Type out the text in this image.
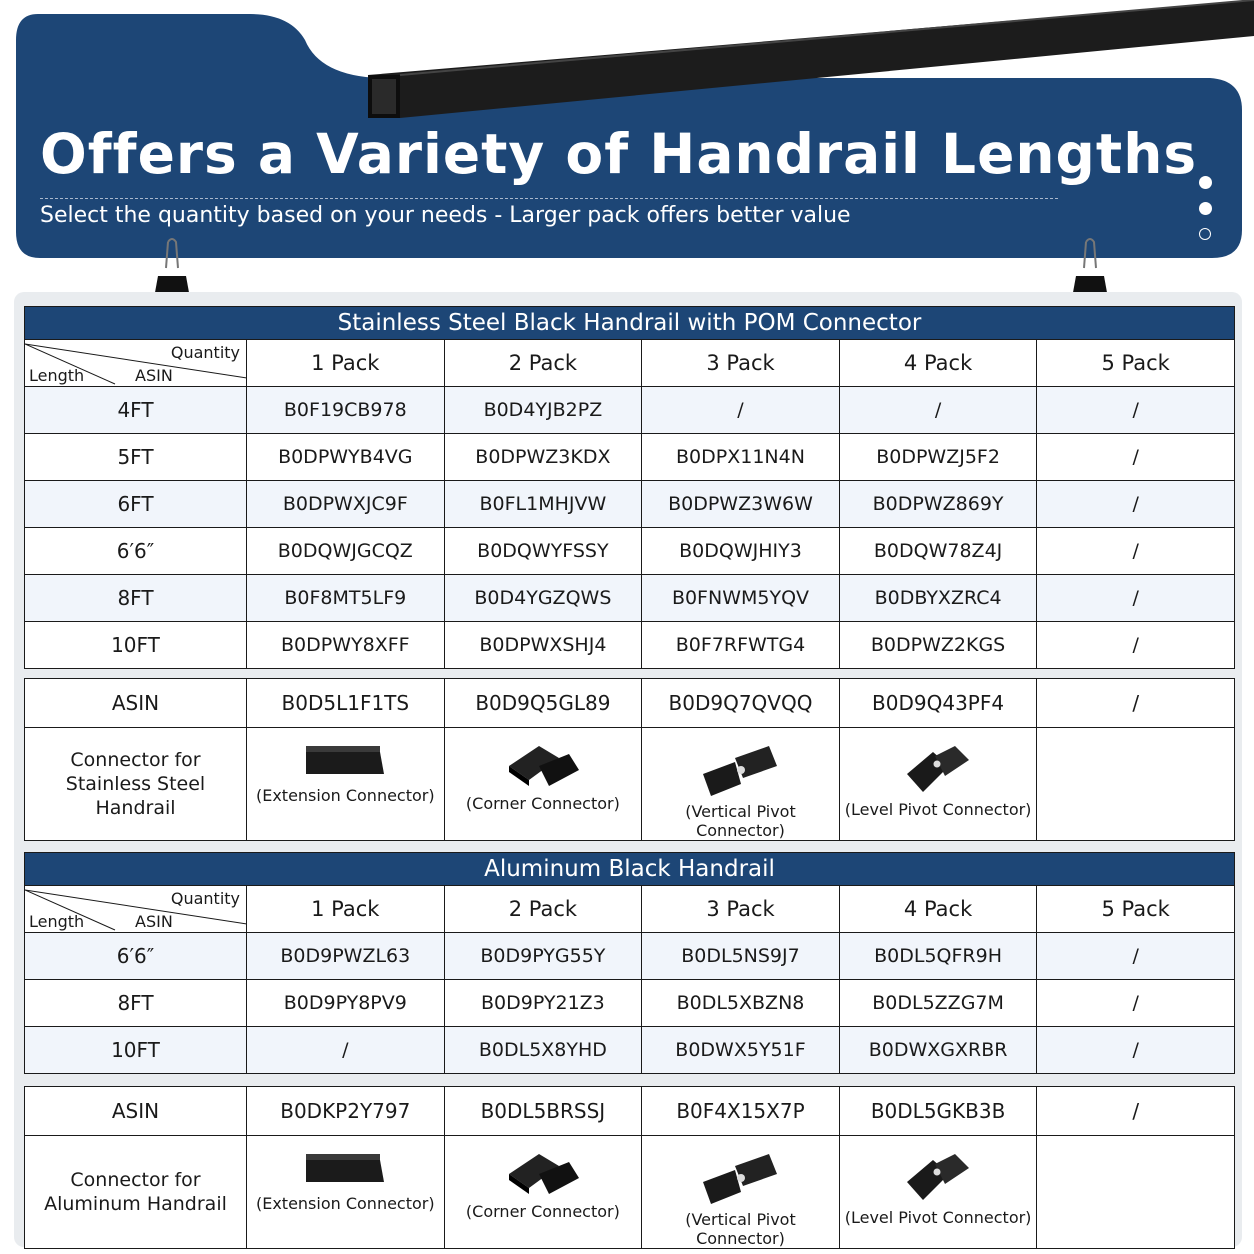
Offers a Variety of Handrail Lengths
Select the quantity based on your needs - Larger pack offers better value
Stainless Steel Black Handrail with POM Connector					

Quantity
ASIN
Length	1 Pack	2 Pack	3 Pack	4 Pack	5 Pack
4FT	B0F19CB978	B0D4YJB2PZ	/	/	/
5FT	B0DPWYB4VG	B0DPWZ3KDX	B0DPX11N4N	B0DPWZJ5F2	/
6FT	B0DPWXJC9F	B0FL1MHJVW	B0DPWZ3W6W	B0DPWZ869Y	/
6′6″	B0DQWJGCQZ	B0DQWYFSSY	B0DQWJHIY3	B0DQW78Z4J	/
8FT	B0F8MT5LF9	B0D4YGZQWS	B0FNWM5YQV	B0DBYXZRC4	/
10FT	B0DPWY8XFF	B0DPWXSHJ4	B0F7RFWTG4	B0DPWZ2KGS	/
ASIN	B0D5L1F1TS	B0D9Q5GL89	B0D9Q7QVQQ	B0D9Q43PF4	/
Connector for
Stainless Steel Handrail	(Extension Connector)	(Corner Connector)	(Vertical Pivot Connector)	(Level Pivot Connector)	

Aluminum Black Handrail					

Quantity
ASIN
Length	1 Pack	2 Pack	3 Pack	4 Pack	5 Pack
6′6″	B0D9PWZL63	B0D9PYG55Y	B0DL5NS9J7	B0DL5QFR9H	/
8FT	B0D9PY8PV9	B0D9PY21Z3	B0DL5XBZN8	B0DL5ZZG7M	/
10FT	/	B0DL5X8YHD	B0DWX5Y51F	B0DWXGXRBR	/
ASIN	B0DKP2Y797	B0DL5BRSSJ	B0F4X15X7P	B0DL5GKB3B	/
Connector for
Aluminum Handrail	(Extension Connector)	(Corner Connector)	(Vertical Pivot Connector)	(Level Pivot Connector)	
